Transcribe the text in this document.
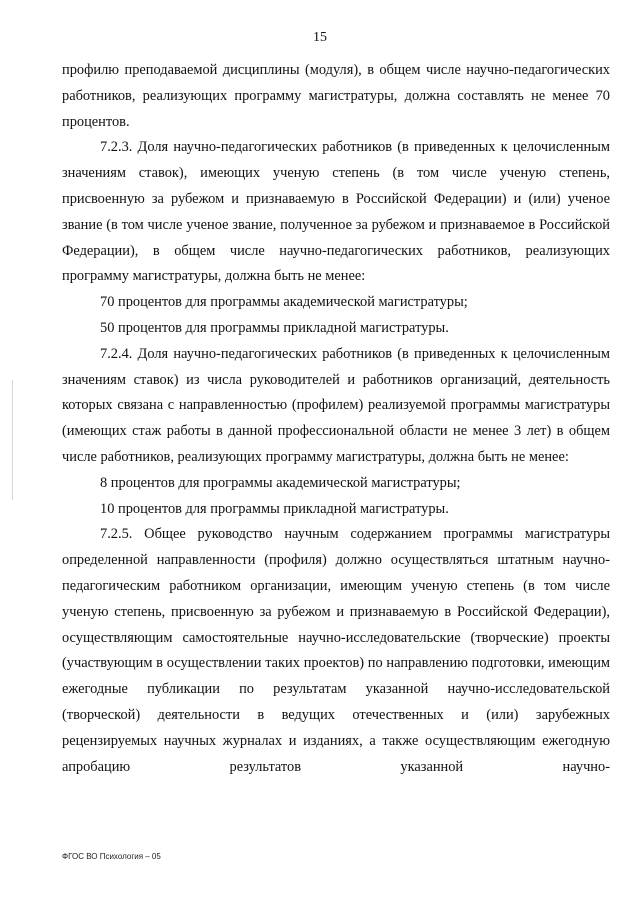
15

профилю преподаваемой дисциплины (модуля), в общем числе научно-педагогических работников, реализующих программу магистратуры, должна составлять не менее 70 процентов.

7.2.3. Доля научно-педагогических работников (в приведенных к целочисленным значениям ставок), имеющих ученую степень (в том числе ученую степень, присвоенную за рубежом и признаваемую в Российской Федерации) и (или) ученое звание (в том числе ученое звание, полученное за рубежом и признаваемое в Российской Федерации), в общем числе научно-педагогических работников, реализующих программу магистратуры, должна быть не менее:

70 процентов для программы академической магистратуры;

50 процентов для программы прикладной магистратуры.

7.2.4. Доля научно-педагогических работников (в приведенных к целочисленным значениям ставок) из числа руководителей и работников организаций, деятельность которых связана с направленностью (профилем) реализуемой программы магистратуры (имеющих стаж работы в данной профессиональной области не менее 3 лет) в общем числе работников, реализующих программу магистратуры, должна быть не менее:

8 процентов для программы академической магистратуры;

10 процентов для программы прикладной магистратуры.

7.2.5. Общее руководство научным содержанием программы магистратуры определенной направленности (профиля) должно осуществляться штатным научно-педагогическим работником организации, имеющим ученую степень (в том числе ученую степень, присвоенную за рубежом и признаваемую в Российской Федерации), осуществляющим самостоятельные научно-исследовательские (творческие) проекты (участвующим в осуществлении таких проектов) по направлению подготовки, имеющим ежегодные публикации по результатам указанной научно-исследовательской (творческой) деятельности в ведущих отечественных и (или) зарубежных рецензируемых научных журналах и изданиях, а также осуществляющим ежегодную апробацию результатов указанной научно-

ФГОС ВО Психология – 05
